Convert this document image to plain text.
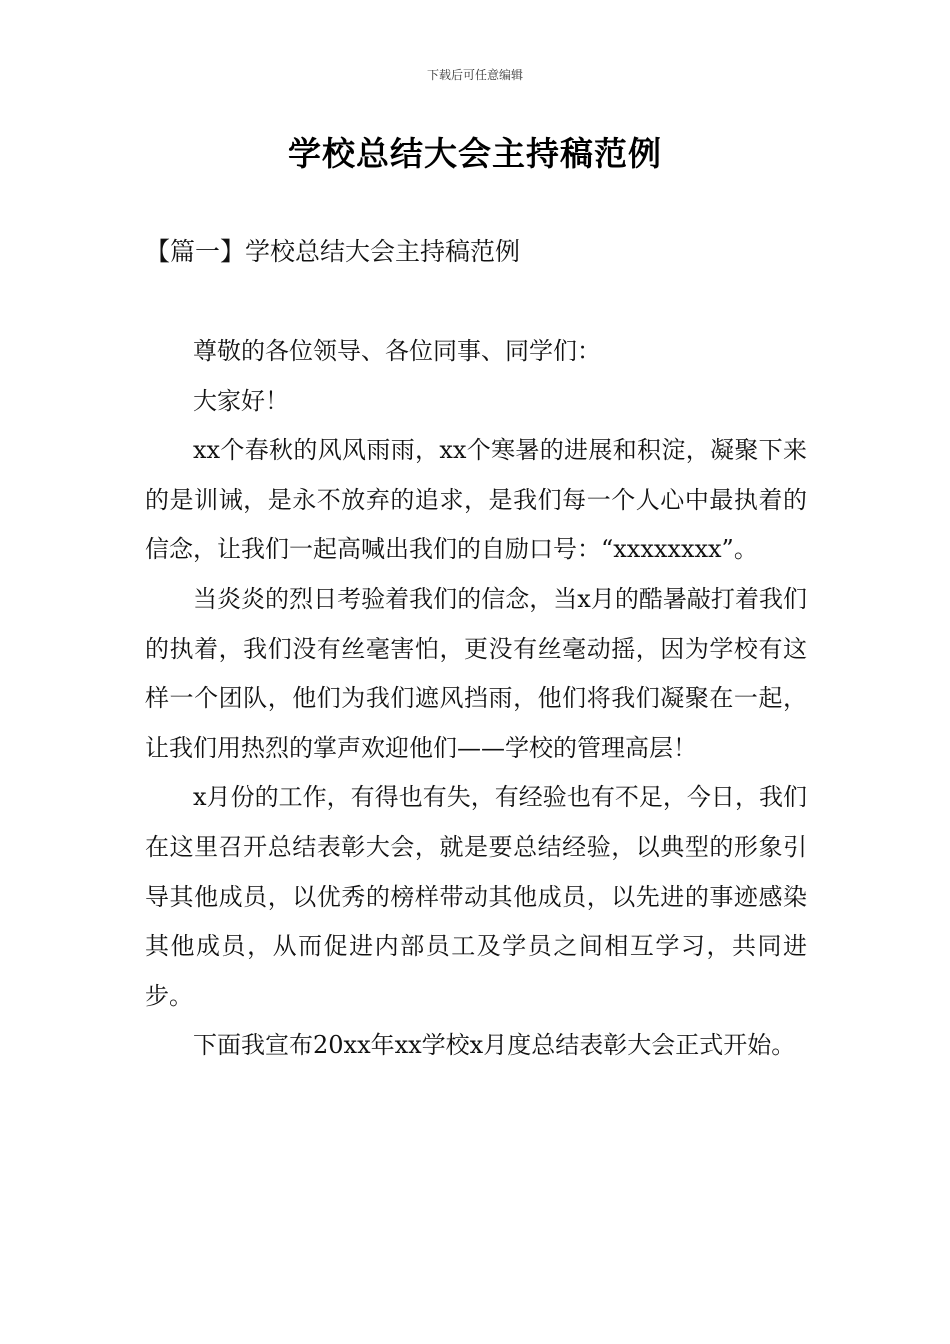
下载后可任意编辑
学校总结大会主持稿范例
【篇一】学校总结大会主持稿范例

尊敬的各位领导、各位同事、同学们：

大家好！

xx个春秋的风风雨雨，xx个寒暑的进展和积淀，凝聚下来的是训诫，是永不放弃的追求，是我们每一个人心中最执着的信念，让我们一起高喊出我们的自励口号：“xxxxxxxx”。

当炎炎的烈日考验着我们的信念，当x月的酷暑敲打着我们的执着，我们没有丝毫害怕，更没有丝毫动摇，因为学校有这样一个团队，他们为我们遮风挡雨，他们将我们凝聚在一起，让我们用热烈的掌声欢迎他们——学校的管理高层！

x月份的工作，有得也有失，有经验也有不足，今日，我们在这里召开总结表彰大会，就是要总结经验，以典型的形象引导其他成员，以优秀的榜样带动其他成员，以先进的事迹感染其他成员，从而促进内部员工及学员之间相互学习，共同进步。

下面我宣布20xx年xx学校x月度总结表彰大会正式开始。
